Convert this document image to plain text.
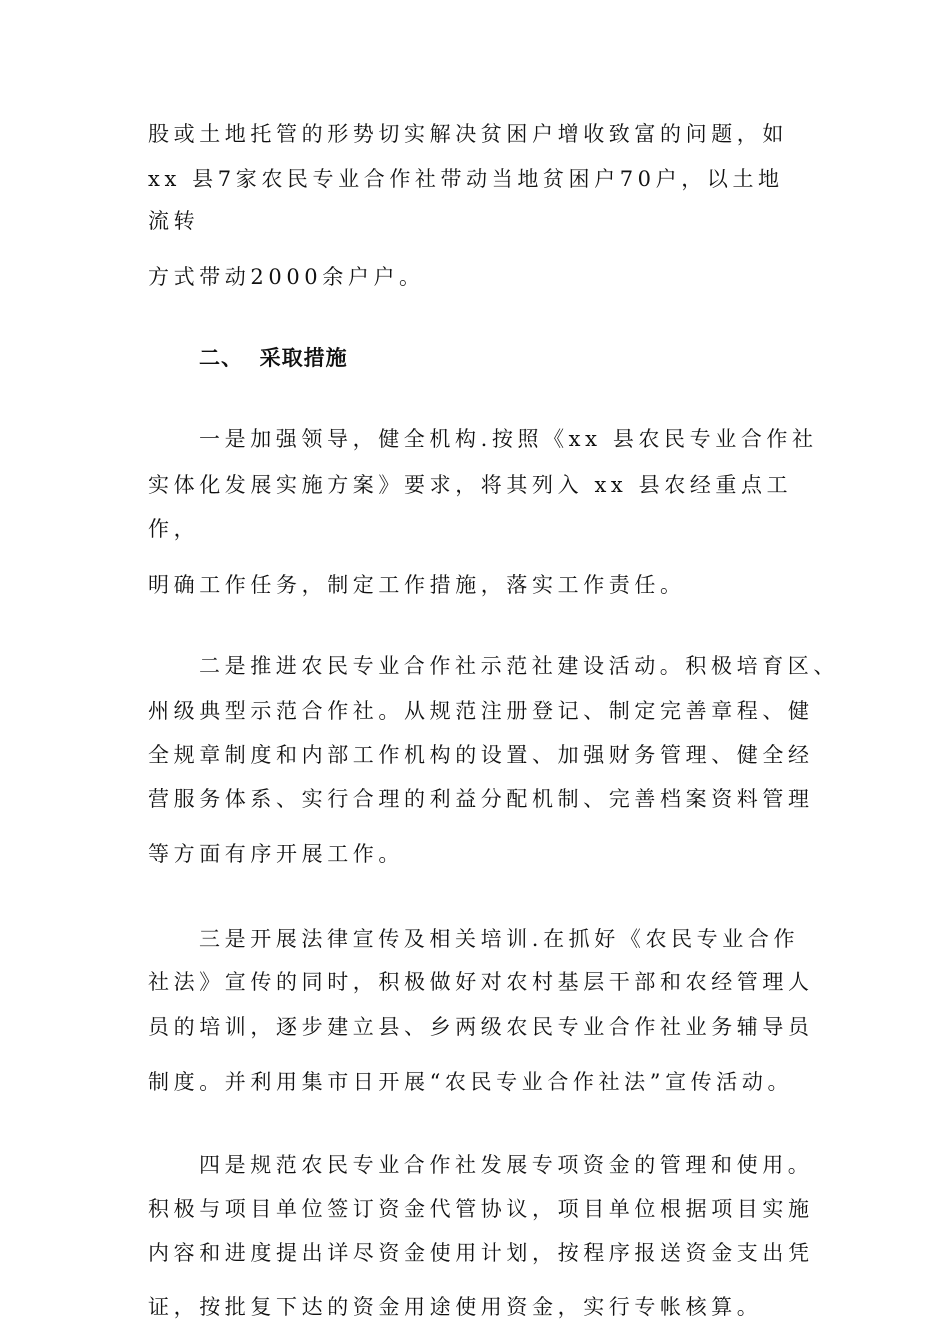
股或土地托管的形势切实解决贫困户增收致富的问题，如
xx 县7家农民专业合作社带动当地贫困户70户，以土地
流转
方式带动2000余户户。
二、  采取措施
一是加强领导，健全机构.按照《xx 县农民专业合作社
实体化发展实施方案》要求，将其列入 xx 县农经重点工
作，
明确工作任务，制定工作措施，落实工作责任。
二是推进农民专业合作社示范社建设活动。积极培育区、
州级典型示范合作社。从规范注册登记、制定完善章程、健
全规章制度和内部工作机构的设置、加强财务管理、健全经
营服务体系、实行合理的利益分配机制、完善档案资料管理
等方面有序开展工作。
三是开展法律宣传及相关培训.在抓好《农民专业合作
社法》宣传的同时，积极做好对农村基层干部和农经管理人
员的培训，逐步建立县、乡两级农民专业合作社业务辅导员
制度。并利用集市日开展“农民专业合作社法”宣传活动。
四是规范农民专业合作社发展专项资金的管理和使用。
积极与项目单位签订资金代管协议，项目单位根据项目实施
内容和进度提出详尽资金使用计划，按程序报送资金支出凭
证，按批复下达的资金用途使用资金，实行专帐核算。
